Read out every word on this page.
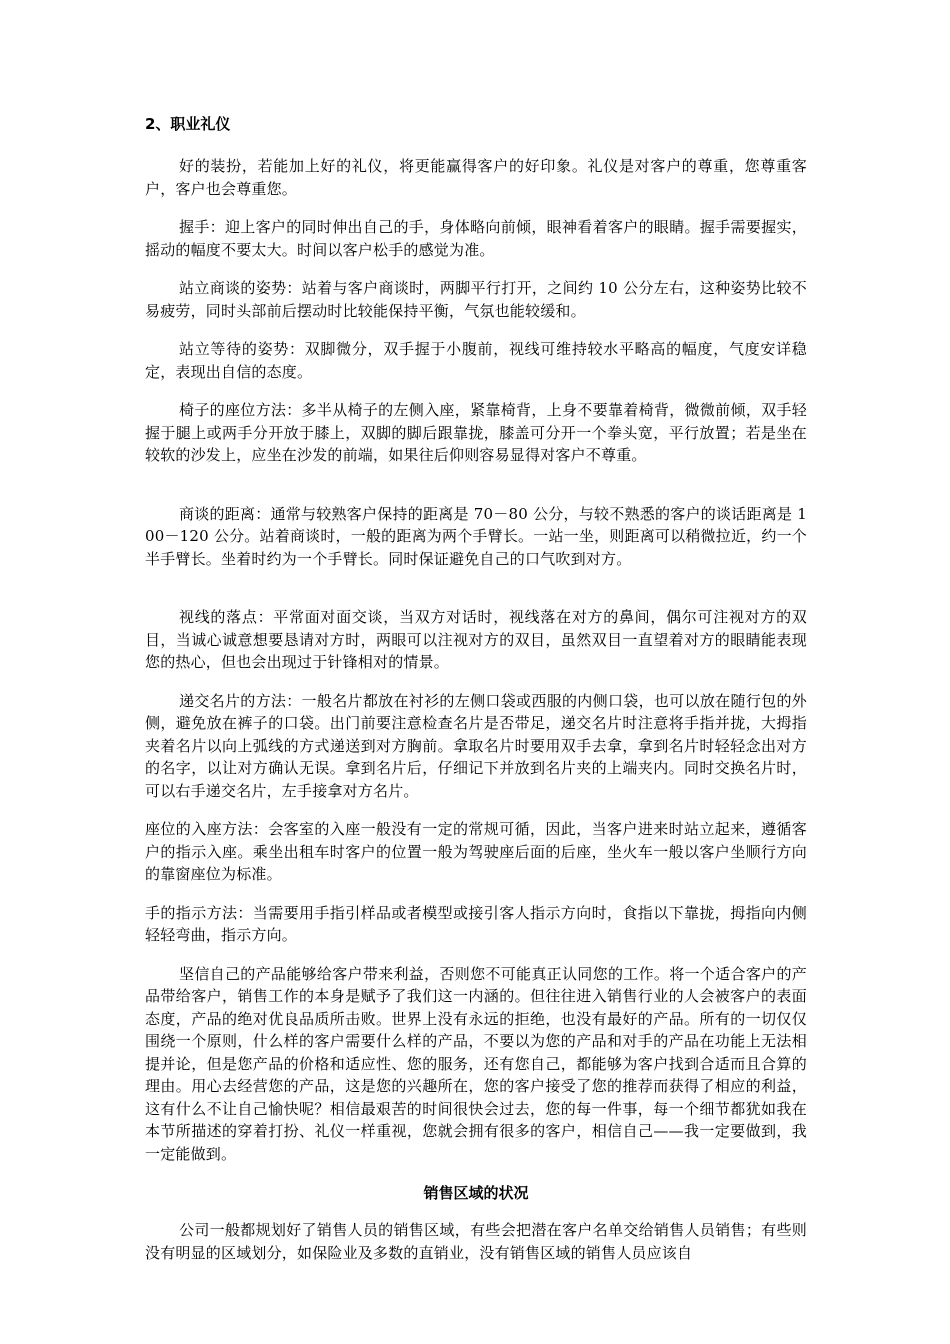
2、职业礼仪

好的装扮，若能加上好的礼仪，将更能赢得客户的好印象。礼仪是对客户的尊重，您尊重客户，客户也会尊重您。

握手：迎上客户的同时伸出自己的手，身体略向前倾，眼神看着客户的眼睛。握手需要握实，摇动的幅度不要太大。时间以客户松手的感觉为准。

站立商谈的姿势：站着与客户商谈时，两脚平行打开，之间约 10 公分左右，这种姿势比较不易疲劳，同时头部前后摆动时比较能保持平衡，气氛也能较缓和。

站立等待的姿势：双脚微分，双手握于小腹前，视线可维持较水平略高的幅度，气度安详稳定，表现出自信的态度。

椅子的座位方法：多半从椅子的左侧入座，紧靠椅背，上身不要靠着椅背，微微前倾，双手轻握于腿上或两手分开放于膝上，双脚的脚后跟靠拢，膝盖可分开一个拳头宽，平行放置；若是坐在较软的沙发上，应坐在沙发的前端，如果往后仰则容易显得对客户不尊重。

商谈的距离：通常与较熟客户保持的距离是 70－80 公分，与较不熟悉的客户的谈话距离是 100－120 公分。站着商谈时，一般的距离为两个手臂长。一站一坐，则距离可以稍微拉近，约一个半手臂长。坐着时约为一个手臂长。同时保证避免自己的口气吹到对方。

视线的落点：平常面对面交谈，当双方对话时，视线落在对方的鼻间，偶尔可注视对方的双目，当诚心诚意想要恳请对方时，两眼可以注视对方的双目，虽然双目一直望着对方的眼睛能表现您的热心，但也会出现过于针锋相对的情景。

递交名片的方法：一般名片都放在衬衫的左侧口袋或西服的内侧口袋，也可以放在随行包的外侧，避免放在裤子的口袋。出门前要注意检查名片是否带足，递交名片时注意将手指并拢，大拇指夹着名片以向上弧线的方式递送到对方胸前。拿取名片时要用双手去拿，拿到名片时轻轻念出对方的名字，以让对方确认无误。拿到名片后，仔细记下并放到名片夹的上端夹内。同时交换名片时，可以右手递交名片，左手接拿对方名片。

座位的入座方法：会客室的入座一般没有一定的常规可循，因此，当客户进来时站立起来，遵循客户的指示入座。乘坐出租车时客户的位置一般为驾驶座后面的后座，坐火车一般以客户坐顺行方向的靠窗座位为标准。

手的指示方法：当需要用手指引样品或者模型或接引客人指示方向时，食指以下靠拢，拇指向内侧轻轻弯曲，指示方向。

坚信自己的产品能够给客户带来利益，否则您不可能真正认同您的工作。将一个适合客户的产品带给客户，销售工作的本身是赋予了我们这一内涵的。但往往进入销售行业的人会被客户的表面态度，产品的绝对优良品质所击败。世界上没有永远的拒绝，也没有最好的产品。所有的一切仅仅围绕一个原则，什么样的客户需要什么样的产品，不要以为您的产品和对手的产品在功能上无法相提并论，但是您产品的价格和适应性、您的服务，还有您自己，都能够为客户找到合适而且合算的理由。用心去经营您的产品，这是您的兴趣所在，您的客户接受了您的推荐而获得了相应的利益，这有什么不让自己愉快呢？相信最艰苦的时间很快会过去，您的每一件事，每一个细节都犹如我在本节所描述的穿着打扮、礼仪一样重视，您就会拥有很多的客户，相信自己——我一定要做到，我一定能做到。

销售区域的状况

公司一般都规划好了销售人员的销售区域，有些会把潜在客户名单交给销售人员销售；有些则没有明显的区域划分，如保险业及多数的直销业，没有销售区域的销售人员应该自
